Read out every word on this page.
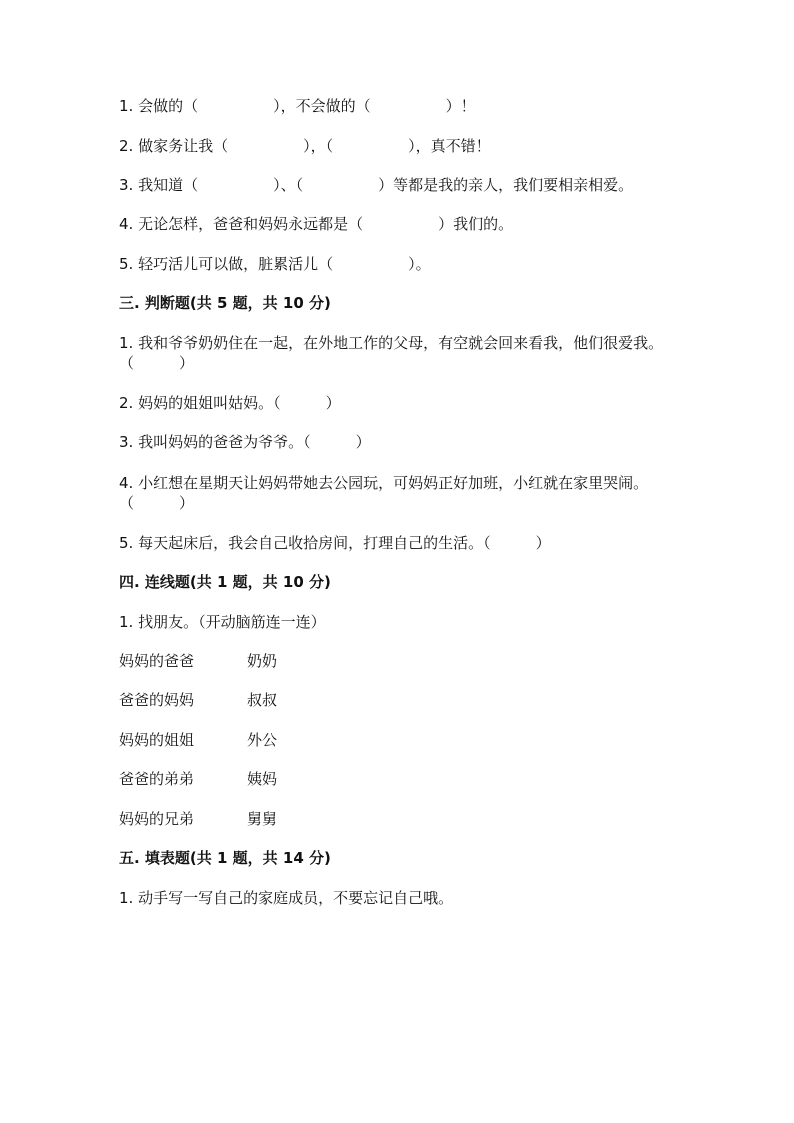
1. 会做的（　　　　　），不会做的（　　　　　）！
2. 做家务让我（　　　　　），（　　　　　），真不错！
3. 我知道（　　　　　）、（　　　　　）等都是我的亲人，我们要相亲相爱。
4. 无论怎样，爸爸和妈妈永远都是（　　　　　）我们的。
5. 轻巧活儿可以做，脏累活儿（　　　　　）。
三. 判断题(共 5 题，共 10 分)
1. 我和爷爷奶奶住在一起，在外地工作的父母，有空就会回来看我，他们很爱我。（　　　）
2. 妈妈的姐姐叫姑妈。（　　　）
3. 我叫妈妈的爸爸为爷爷。（　　　）
4. 小红想在星期天让妈妈带她去公园玩，可妈妈正好加班，小红就在家里哭闹。（　　　）
5. 每天起床后，我会自己收拾房间，打理自己的生活。（　　　）
四. 连线题(共 1 题，共 10 分)
1. 找朋友。（开动脑筋连一连）
妈妈的爸爸	奶奶
爸爸的妈妈	叔叔
妈妈的姐姐	外公
爸爸的弟弟	姨妈
妈妈的兄弟	舅舅
五. 填表题(共 1 题，共 14 分)
1. 动手写一写自己的家庭成员，不要忘记自己哦。
